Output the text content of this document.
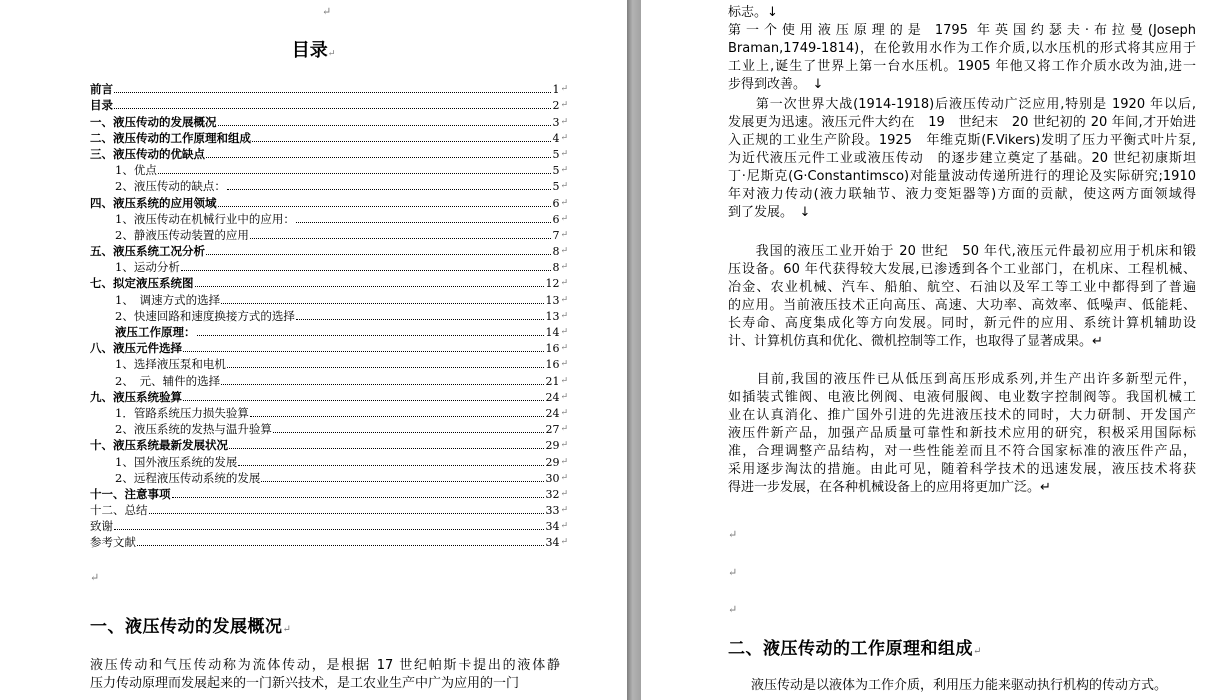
↵
目录↵
前言	1 ↵
目录	2 ↵
一、液压传动的发展概况	3 ↵
二、液压传动的工作原理和组成	4 ↵
三、液压传动的优缺点	5 ↵
1、优点	5 ↵
2、液压传动的缺点：	5 ↵
四、液压系统的应用领域	6 ↵
1、液压传动在机械行业中的应用：	6 ↵
2、静液压传动装置的应用	7 ↵
五、液压系统工况分析	8 ↵
1、运动分析	8 ↵
七、拟定液压系统图	12 ↵
1、　调速方式的选择	13 ↵
2、快速回路和速度换接方式的选择	13 ↵
液压工作原理：	14 ↵
八、液压元件选择	16 ↵
1、选择液压泵和电机	16 ↵
2、　元、辅件的选择	21 ↵
九、液压系统验算	24 ↵
1．管路系统压力损失验算	24 ↵
2、液压系统的发热与温升验算	27 ↵
十、液压系统最新发展状况	29 ↵
1、国外液压系统的发展	29 ↵
2、远程液压传动系统的发展	30 ↵
十一、注意事项	32 ↵
十二、总结	33 ↵
致谢	34 ↵
参考文献	34 ↵
↵
一、液压传动的发展概况↵
液压传动和气压传动称为流体传动，是根据 17 世纪帕斯卡提出的液体静
压力传动原理而发展起来的一门新兴技术，是工农业生产中广为应用的一门
标志。↓
第一个使用液压原理的是 1795 年英国约瑟夫·布拉曼(Joseph
Braman,1749-1814)，在伦敦用水作为工作介质,以水压机的形式将其应用于
工业上,诞生了世界上第一台水压机。1905 年他又将工作介质水改为油,进一
步得到改善。　↓
　　第一次世界大战(1914-1918)后液压传动广泛应用,特别是 1920 年以后,
发展更为迅速。液压元件大约在　19　世纪末　20 世纪初的 20 年间,才开始进
入正规的工业生产阶段。1925　年维克斯(F.Vikers)发明了压力平衡式叶片泵,
为近代液压元件工业或液压传动　的逐步建立奠定了基础。20 世纪初康斯坦
丁·尼斯克(G·Constantimsco)对能量波动传递所进行的理论及实际研究;1910
年对液力传动(液力联轴节、液力变矩器等)方面的贡献，使这两方面领域得
到了发展。　↓
　　我国的液压工业开始于 20 世纪　50 年代,液压元件最初应用于机床和锻
压设备。60 年代获得较大发展,已渗透到各个工业部门，在机床、工程机械、
冶金、农业机械、汽车、船舶、航空、石油以及军工等工业中都得到了普遍
的应用。当前液压技术正向高压、高速、大功率、高效率、低噪声、低能耗、
长寿命、高度集成化等方向发展。同时，新元件的应用、系统计算机辅助设
计、计算机仿真和优化、微机控制等工作，也取得了显著成果。↵
　　目前,我国的液压件已从低压到高压形成系列,并生产出许多新型元件，
如插装式锥阀、电液比例阀、电液伺服阀、电业数字控制阀等。我国机械工
业在认真消化、推广国外引进的先进液压技术的同时，大力研制、开发国产
液压件新产品，加强产品质量可靠性和新技术应用的研究，积极采用国际标
准，合理调整产品结构，对一些性能差而且不符合国家标准的液压件产品，
采用逐步淘汰的措施。由此可见，随着科学技术的迅速发展，液压技术将获
得进一步发展，在各种机械设备上的应用将更加广泛。↵
↵
↵
↵
二、液压传动的工作原理和组成↵
液压传动是以液体为工作介质，利用压力能来驱动执行机构的传动方式。
